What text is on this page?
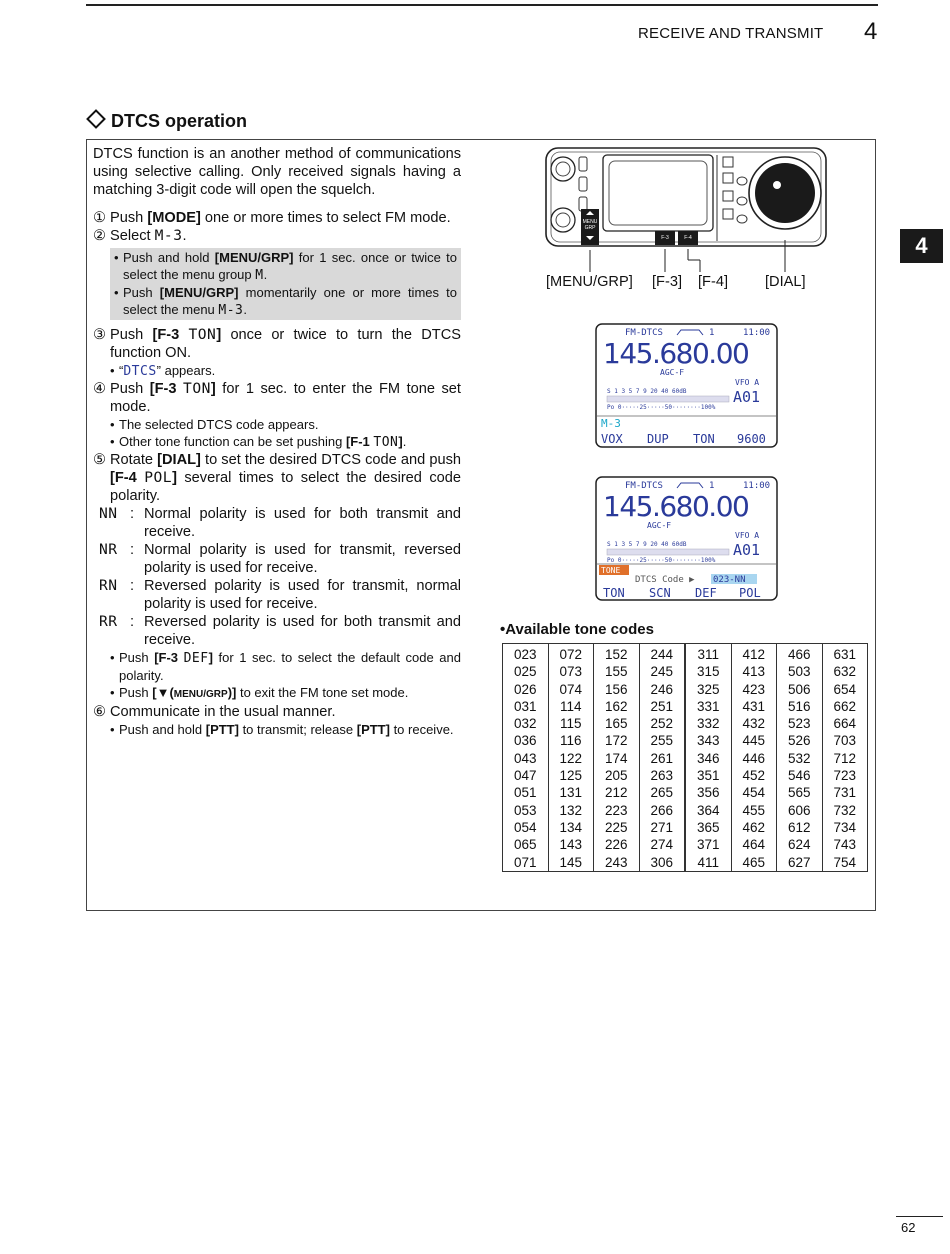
RECEIVE AND TRANSMIT 4
4
DTCS operation

DTCS function is an another method of communications using selective calling. Only received signals having a matching 3-digit code will open the squelch.

① Push [MODE] one or more times to select FM mode.

② Select M-3.

• Push and hold [MENU/GRP] for 1 sec. once or twice to select the menu group M.
• Push [MENU/GRP] momentarily one or more times to select the menu M-3.

③ Push [F-3 TON] once or twice to turn the DTCS function ON.

• “DTCS” appears.

④ Push [F-3 TON] for 1 sec. to enter the FM tone set mode.

• The selected DTCS code appears.
• Other tone function can be set pushing [F-1 TON].

⑤ Rotate [DIAL] to set the desired DTCS code and push [F-4 POL] several times to select the desired code polarity.

NN : Normal polarity is used for both transmit and receive.

NR : Normal polarity is used for transmit, reversed polarity is used for receive.

RN : Reversed polarity is used for transmit, normal polarity is used for receive.

RR : Reversed polarity is used for both transmit and receive.

• Push [F-3 DEF] for 1 sec. to select the default code and polarity.
• Push [▼(MENU/GRP)] to exit the FM tone set mode.

⑥ Communicate in the usual manner.

• Push and hold [PTT] to transmit; release [PTT] to receive.
MENU
GRP
F-3	F-4
[MENU/GRP] [F-3] [F-4]	[DIAL]
FM-DTCS	1	11:00
145.680.00
AGC-F
VFO A
S 1 3 5 7 9 20 40 60dB
Po 0·····25·····50········100%
A01
M-3
VOX DUP TON 9600
FM-DTCS	1	11:00
145.680.00
AGC-F
VFO A
S 1 3 5 7 9 20 40 60dB
Po 0·····25·····50········100%
A01
TONE
DTCS Code ▶ 023-NN
TON SCN DEF POL
•Available tone codes
023	072	152	244	311	412	466	631
025	073	155	245	315	413	503	632
026	074	156	246	325	423	506	654
031	114	162	251	331	431	516	662
032	115	165	252	332	432	523	664
036	116	172	255	343	445	526	703
043	122	174	261	346	446	532	712
047	125	205	263	351	452	546	723
051	131	212	265	356	454	565	731
053	132	223	266	364	455	606	732
054	134	225	271	365	462	612	734
065	143	226	274	371	464	624	743
071	145	243	306	411	465	627	754
62
